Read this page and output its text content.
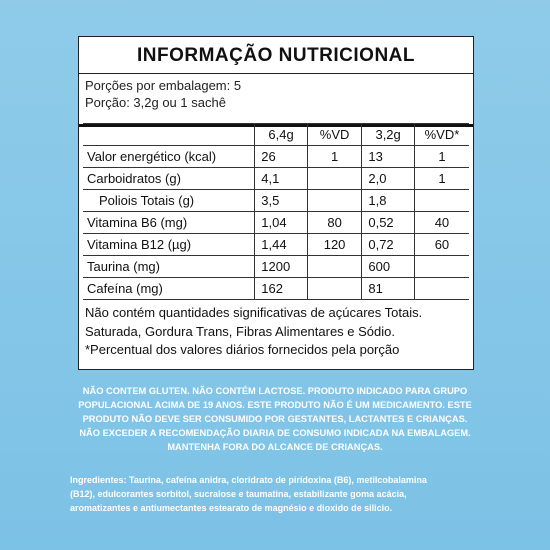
INFORMAÇÃO NUTRICIONAL
Porções por embalagem: 5
Porção: 3,2g ou 1 sachê
	6,4g	%VD	3,2g	%VD*
Valor energético (kcal)	26	1	13	1
Carboidratos (g)	4,1		2,0	1
Poliois Totais (g)	3,5		1,8	
Vitamina B6 (mg)	1,04	80	0,52	40
Vitamina B12 (µg)	1,44	120	0,72	60
Taurina (mg)	1200		600	
Cafeína (mg)	162		81	
Não contém quantidades significativas de açúcares Totais.
Saturada, Gordura Trans, Fibras Alimentares e Sódio.
*Percentual dos valores diários fornecidos pela porção
NÃO CONTEM GLUTEN. NÃO CONTÉM LACTOSE. PRODUTO INDICADO PARA GRUPO
POPULACIONAL ACIMA DE 19 ANOS. ESTE PRODUTO NÃO É UM MEDICAMENTO. ESTE
PRODUTO NÃO DEVE SER CONSUMIDO POR GESTANTES, LACTANTES E CRIANÇAS.
NÃO EXCEDER A RECOMENDAÇÃO DIARIA DE CONSUMO INDICADA NA EMBALAGEM.
MANTENHA FORA DO ALCANCE DE CRIANÇAS.
Ingredientes: Taurina, cafeína anidra, cloridrato de piridoxina (B6), metilcobalamina
(B12), edulcorantes sorbitol, sucralose e taumatina, estabilizante goma acácia,
aromatizantes e antiumectantes estearato de magnésio e dioxido de silicio.
